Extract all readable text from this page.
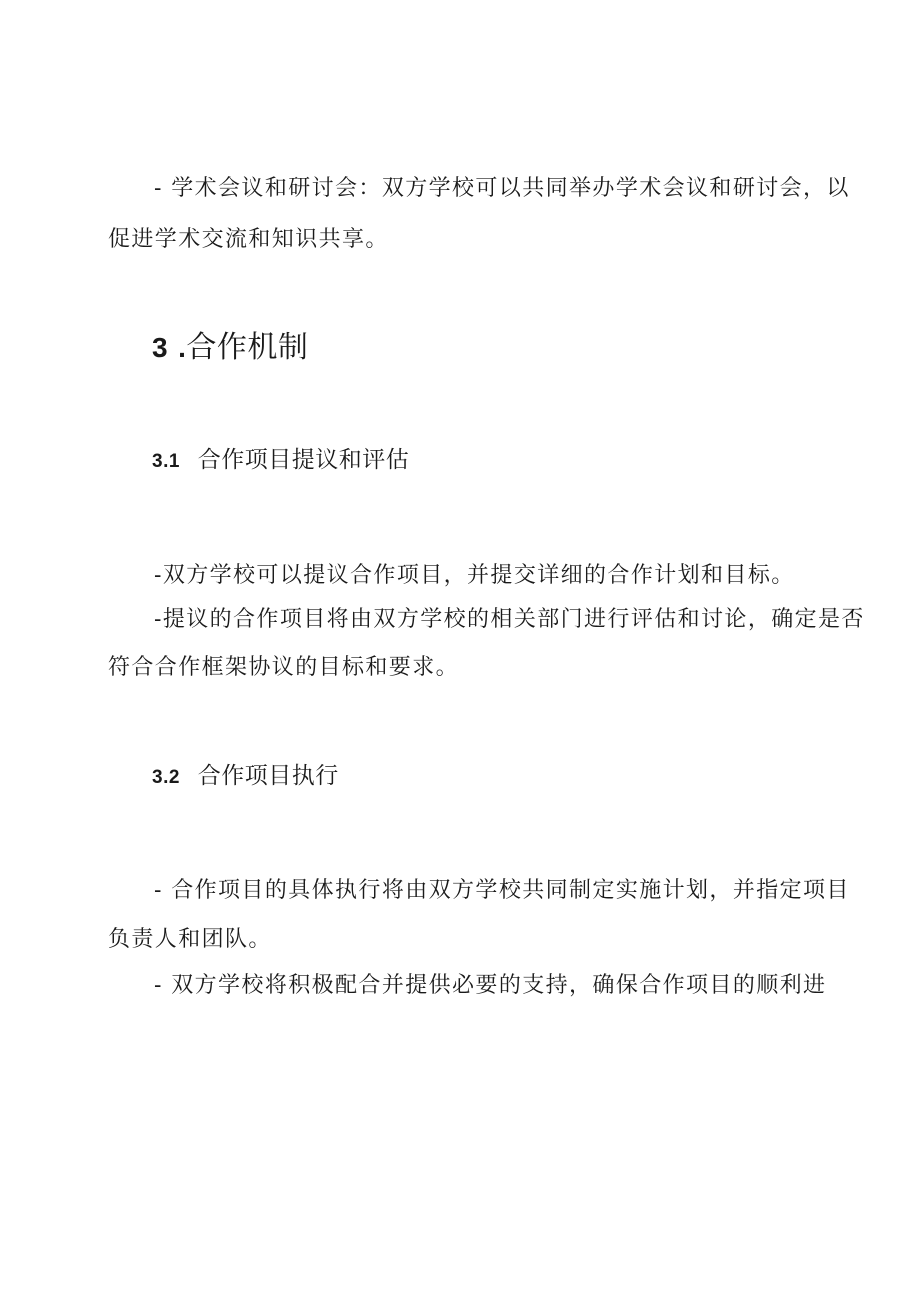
- 学术会议和研讨会：双方学校可以共同举办学术会议和研讨会，以
促进学术交流和知识共享。
3 .合作机制
3.1 合作项目提议和评估
-双方学校可以提议合作项目，并提交详细的合作计划和目标。
-提议的合作项目将由双方学校的相关部门进行评估和讨论，确定是否
符合合作框架协议的目标和要求。
3.2 合作项目执行
- 合作项目的具体执行将由双方学校共同制定实施计划，并指定项目
负责人和团队。
- 双方学校将积极配合并提供必要的支持，确保合作项目的顺利进
